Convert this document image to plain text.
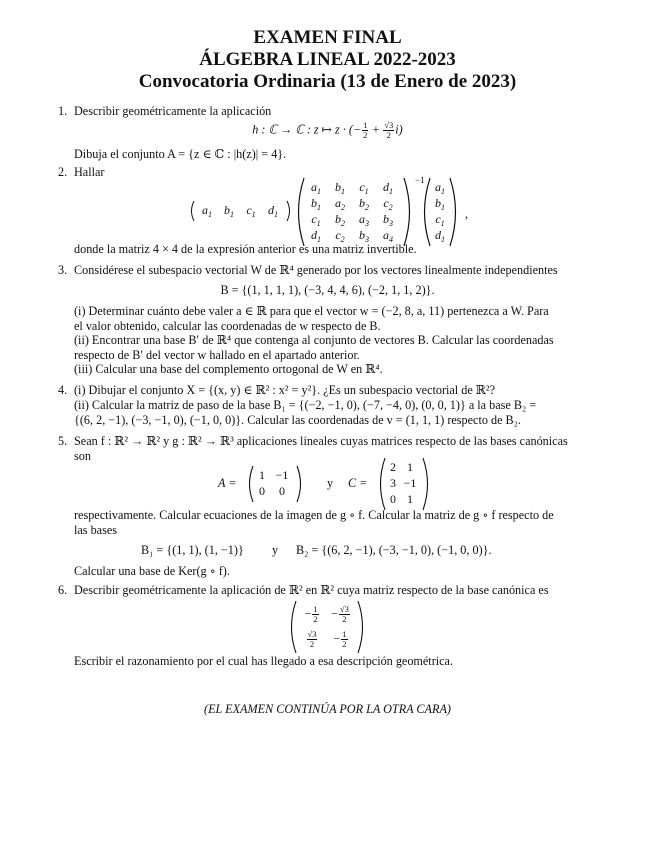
EXAMEN FINAL
ÁLGEBRA LINEAL 2022-2023
Convocatoria Ordinaria (13 de Enero de 2023)
1. Describir geométricamente la aplicación
h : ℂ → ℂ : z ↦ z · (− $\frac{1}{2} + \frac{√3}{2} i$)
Dibuja el conjunto A = {z ∈ ℂ : |h(z)| = 4}.
2. Hallar
$a_1$	$b_1$	$c_1$	$d_1$
$a_1$	$b_1$	$c_1$	$d_1$
$b_1$	$a_2$	$b_2$	$c_2$
$c_1$	$b_2$	$a_3$	$b_3$
$d_1$	$c_2$	$b_3$	$a_4$
−1 $a_1$
$b_1$
$c_1$
$d_1$
,
donde la matriz 4 × 4 de la expresión anterior es una matriz invertible.
3. Considérese el subespacio vectorial W de ℝ⁴ generado por los vectores linealmente independientes
B = {(1, 1, 1, 1), (−3, 4, 4, 6), (−2, 1, 1, 2)}.
(i) Determinar cuánto debe valer a ∈ ℝ para que el vector w = (−2, 8, a, 11) pertenezca a W. Para
el valor obtenido, calcular las coordenadas de w respecto de B.
(ii) Encontrar una base B′ de ℝ⁴ que contenga al conjunto de vectores B. Calcular las coordenadas
respecto de B′ del vector w hallado en el apartado anterior.
(iii) Calcular una base del complemento ortogonal de W en ℝ⁴.
4. (i) Dibujar el conjunto X = {(x, y) ∈ ℝ² : x² = y²}. ¿Es un subespacio vectorial de ℝ²?
(ii) Calcular la matriz de paso de la base B₁ = {(−2, −1, 0), (−7, −4, 0), (0, 0, 1)} a la base B₂ =
{(6, 2, −1), (−3, −1, 0), (−1, 0, 0)}. Calcular las coordenadas de v = (1, 1, 1) respecto de B₂.
5. Sean f : ℝ² → ℝ² y g : ℝ² → ℝ³ aplicaciones lineales cuyas matrices respecto de las bases canónicas
son
A =
1 −1
0	0
y C =
2 1
3 −1
0 1
respectivamente. Calcular ecuaciones de la imagen de g ∘ f. Calcular la matriz de g ∘ f respecto de
las bases
B₁ = {(1, 1), (1, −1)} y B₂ = {(6, 2, −1), (−3, −1, 0), (−1, 0, 0)}.
Calcular una base de Ker(g ∘ f).
6. Describir geométricamente la aplicación de ℝ² en ℝ² cuya matriz respecto de la base canónica es
− $\frac{1}{2}$	− $\frac{√3}{2}$
$\frac{√3}{2}$	− $\frac{1}{2}$
Escribir el razonamiento por el cual has llegado a esa descripción geométrica.
(EL EXAMEN CONTINÚA POR LA OTRA CARA)
